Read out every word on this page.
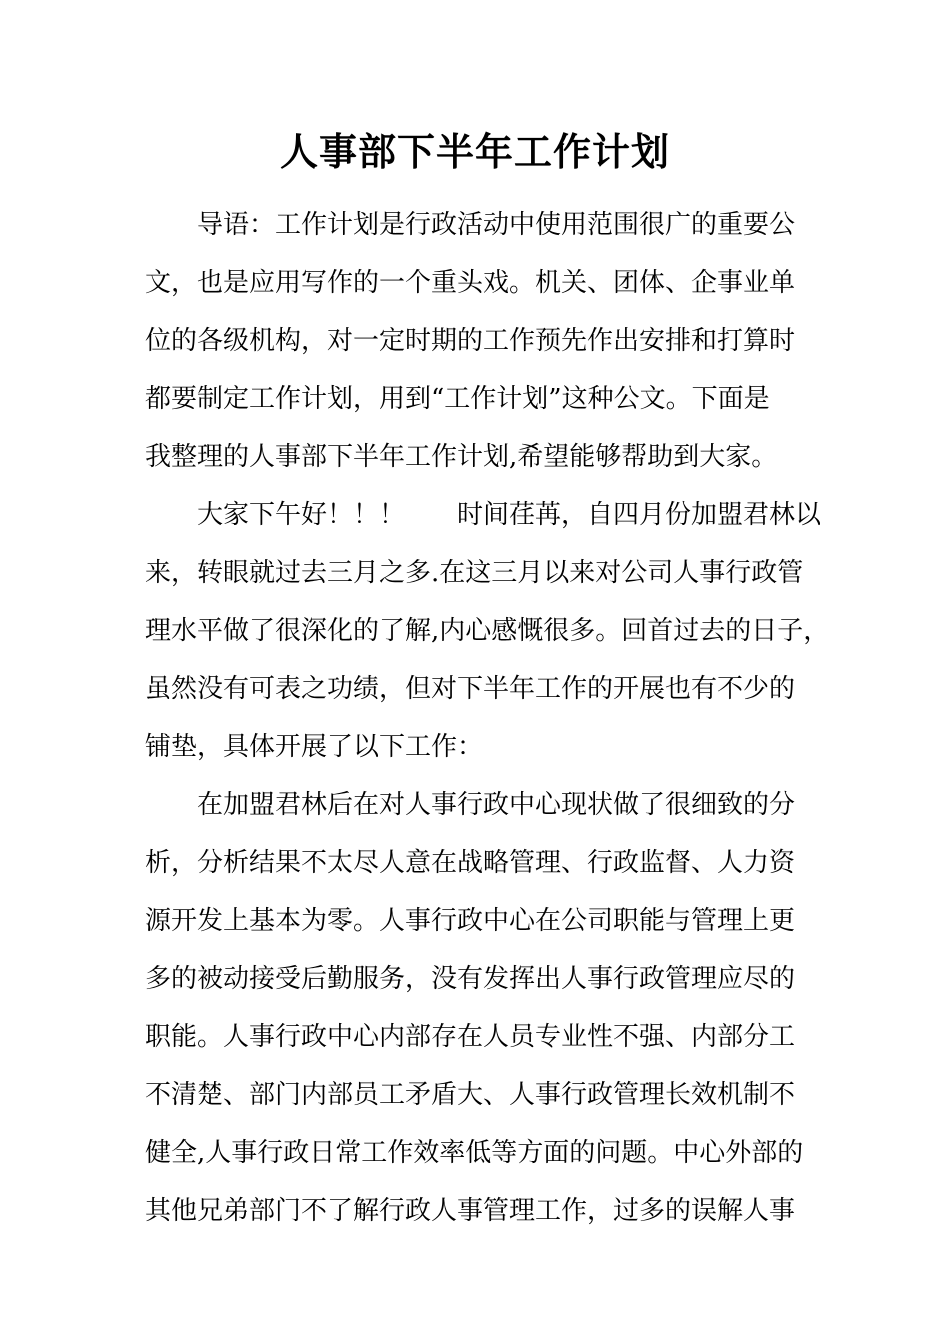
人事部下半年工作计划
导语：工作计划是行政活动中使用范围很广的重要公
文，也是应用写作的一个重头戏。机关、团体、企事业单
位的各级机构，对一定时期的工作预先作出安排和打算时
都要制定工作计划，用到“工作计划”这种公文。下面是
我整理的人事部下半年工作计划,希望能够帮助到大家。
大家下午好！！！　　时间荏苒，自四月份加盟君林以
来，转眼就过去三月之多.在这三月以来对公司人事行政管
理水平做了很深化的了解,内心感慨很多。回首过去的日子，
虽然没有可表之功绩，但对下半年工作的开展也有不少的
铺垫，具体开展了以下工作：
在加盟君林后在对人事行政中心现状做了很细致的分
析，分析结果不太尽人意在战略管理、行政监督、人力资
源开发上基本为零。人事行政中心在公司职能与管理上更
多的被动接受后勤服务，没有发挥出人事行政管理应尽的
职能。人事行政中心内部存在人员专业性不强、内部分工
不清楚、部门内部员工矛盾大、人事行政管理长效机制不
健全,人事行政日常工作效率低等方面的问题。中心外部的
其他兄弟部门不了解行政人事管理工作，过多的误解人事
